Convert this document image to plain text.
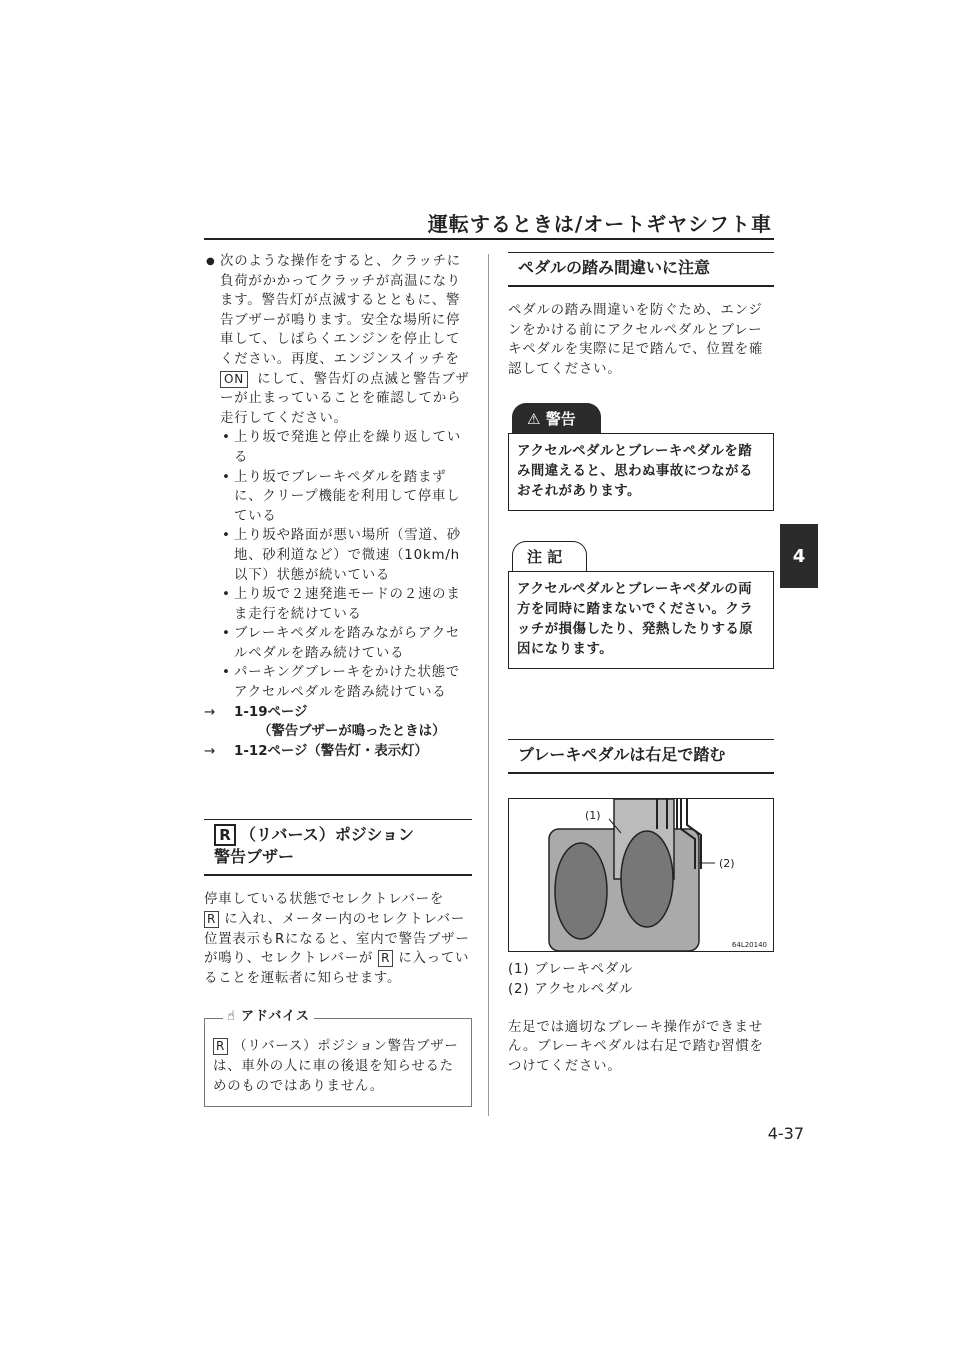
運転するときは/オートギヤシフト車
4
● 次のような操作をすると、クラッチに負荷がかかってクラッチが高温になります。警告灯が点滅するとともに、警告ブザーが鳴ります。安全な場所に停車して、しばらくエンジンを停止してください。再度、エンジンスイッチを
ON にして、警告灯の点滅と警告ブザーが止まっていることを確認してから走行してください。
• 上り坂で発進と停止を繰り返している
• 上り坂でブレーキペダルを踏まずに、クリープ機能を利用して停車している
• 上り坂や路面が悪い場所（雪道、砂地、砂利道など）で微速（10km/h以下）状態が続いている
• 上り坂で２速発進モードの２速のまま走行を続けている
• ブレーキペダルを踏みながらアクセルペダルを踏み続けている
• パーキングブレーキをかけた状態でアクセルペダルを踏み続けている
→ 1-19ページ
（警告ブザーが鳴ったときは）
→ 1-12ページ（警告灯・表示灯）
R （リバース）ポジション
警告ブザー
停車している状態でセレクトレバーを
R に入れ、メーター内のセレクトレバー位置表示もRになると、室内で警告ブザーが鳴り、セレクトレバーが R に入っていることを運転者に知らせます。
☝ アドバイス
R （リバース）ポジション警告ブザーは、車外の人に車の後退を知らせるためのものではありません。
ペダルの踏み間違いに注意
ペダルの踏み間違いを防ぐため、エンジンをかける前にアクセルペダルとブレーキペダルを実際に足で踏んで、位置を確認してください。
⚠ 警告
アクセルペダルとブレーキペダルを踏み間違えると、思わぬ事故につながるおそれがあります。
注 記
アクセルペダルとブレーキペダルの両方を同時に踏まないでください。クラッチが損傷したり、発熱したりする原因になります。
ブレーキペダルは右足で踏む
(1)
(2)
64L20140
(1) ブレーキペダル
(2) アクセルペダル
左足では適切なブレーキ操作ができません。ブレーキペダルは右足で踏む習慣をつけてください。
4-37
